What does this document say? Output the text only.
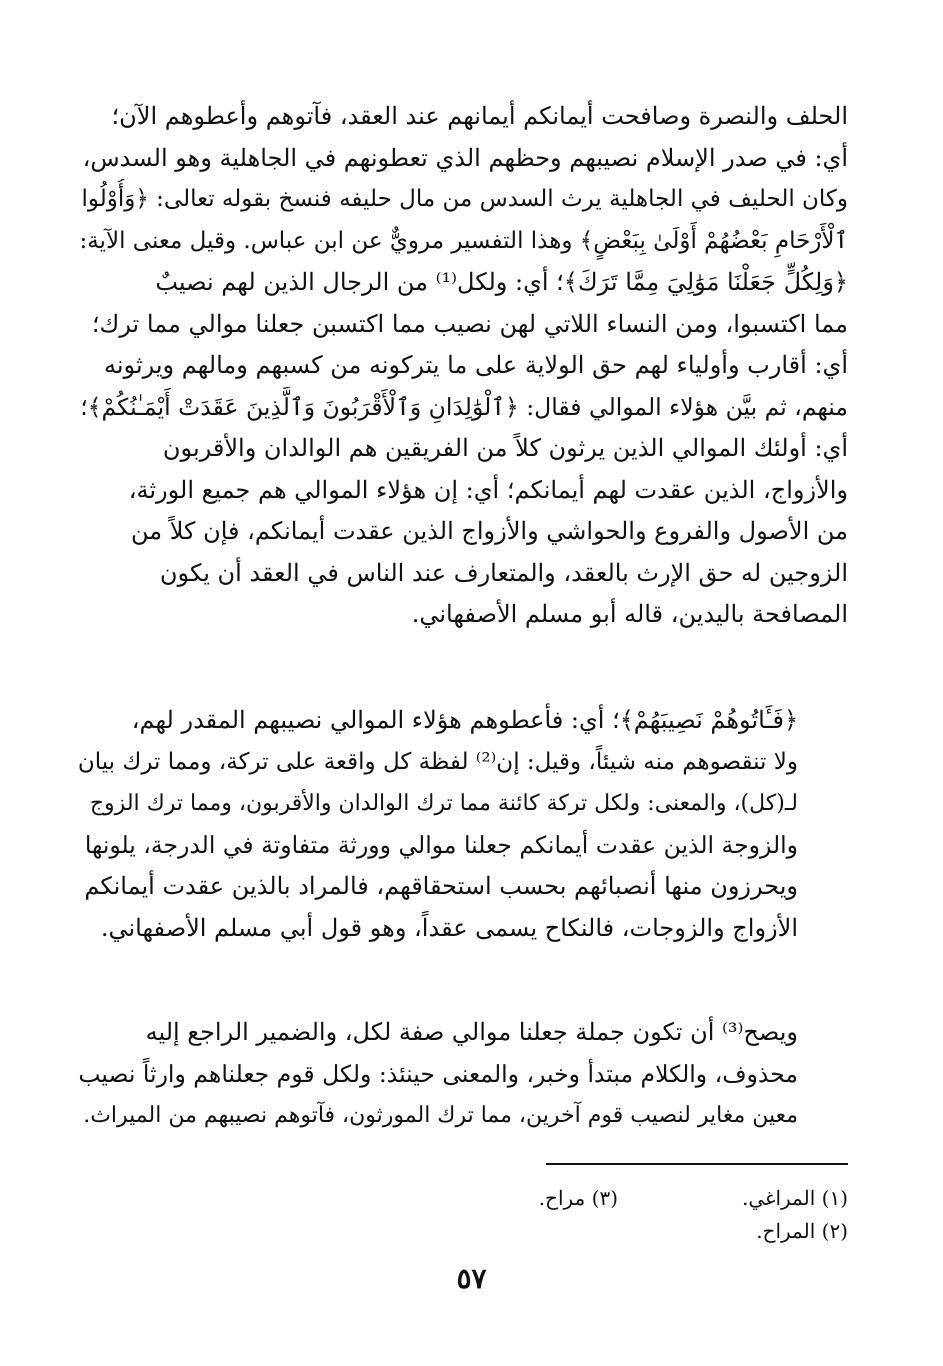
الحلف والنصرة وصافحت أيمانكم أيمانهم عند العقد، فآتوهم وأعطوهم الآن؛
أي: في صدر الإسلام نصيبهم وحظهم الذي تعطونهم في الجاهلية وهو السدس،
وكان الحليف في الجاهلية يرث السدس من مال حليفه فنسخ بقوله تعالى: ﴿وَأُوْلُوا
ٱلْأَرْحَامِ بَعْضُهُمْ أَوْلَىٰ بِبَعْضٍ﴾ وهذا التفسير مرويٌّ عن ابن عباس. وقيل معنى الآية:
﴿وَلِكُلٍّ جَعَلْنَا مَوَٰلِيَ مِمَّا تَرَكَ﴾؛ أي: ولكل⁽¹⁾ من الرجال الذين لهم نصيبٌ
مما اكتسبوا، ومن النساء اللاتي لهن نصيب مما اكتسبن جعلنا موالي مما ترك؛
أي: أقارب وأولياء لهم حق الولاية على ما يتركونه من كسبهم ومالهم ويرثونه
منهم، ثم بيَّن هؤلاء الموالي فقال: ﴿ٱلْوَٰلِدَانِ وَٱلْأَقْرَبُونَ وَٱلَّذِينَ عَقَدَتْ أَيْمَـٰنُكُمْ﴾؛
أي: أولئك الموالي الذين يرثون كلاً من الفريقين هم الوالدان والأقربون
والأزواج، الذين عقدت لهم أيمانكم؛ أي: إن هؤلاء الموالي هم جميع الورثة،
من الأصول والفروع والحواشي والأزواج الذين عقدت أيمانكم، فإن كلاً من
الزوجين له حق الإرث بالعقد، والمتعارف عند الناس في العقد أن يكون
المصافحة باليدين، قاله أبو مسلم الأصفهاني.
﴿فَـَٔاتُوهُمْ نَصِيبَهُمْ﴾؛ أي: فأعطوهم هؤلاء الموالي نصيبهم المقدر لهم،
ولا تنقصوهم منه شيئاً، وقيل: إن⁽²⁾ لفظة كل واقعة على تركة، ومما ترك بيان
لـ(كل)، والمعنى: ولكل تركة كائنة مما ترك الوالدان والأقربون، ومما ترك الزوج
والزوجة الذين عقدت أيمانكم جعلنا موالي وورثة متفاوتة في الدرجة، يلونها
ويحرزون منها أنصبائهم بحسب استحقاقهم، فالمراد بالذين عقدت أيمانكم
الأزواج والزوجات، فالنكاح يسمى عقداً، وهو قول أبي مسلم الأصفهاني.
ويصح⁽³⁾ أن تكون جملة جعلنا موالي صفة لكل، والضمير الراجع إليه
محذوف، والكلام مبتدأ وخبر، والمعنى حينئذ: ولكل قوم جعلناهم وارثاً نصيب
معين مغاير لنصيب قوم آخرين، مما ترك المورثون، فآتوهم نصيبهم من الميراث.
(١) المراغي.(٣) مراح.
(٢) المراح.
٥٧
